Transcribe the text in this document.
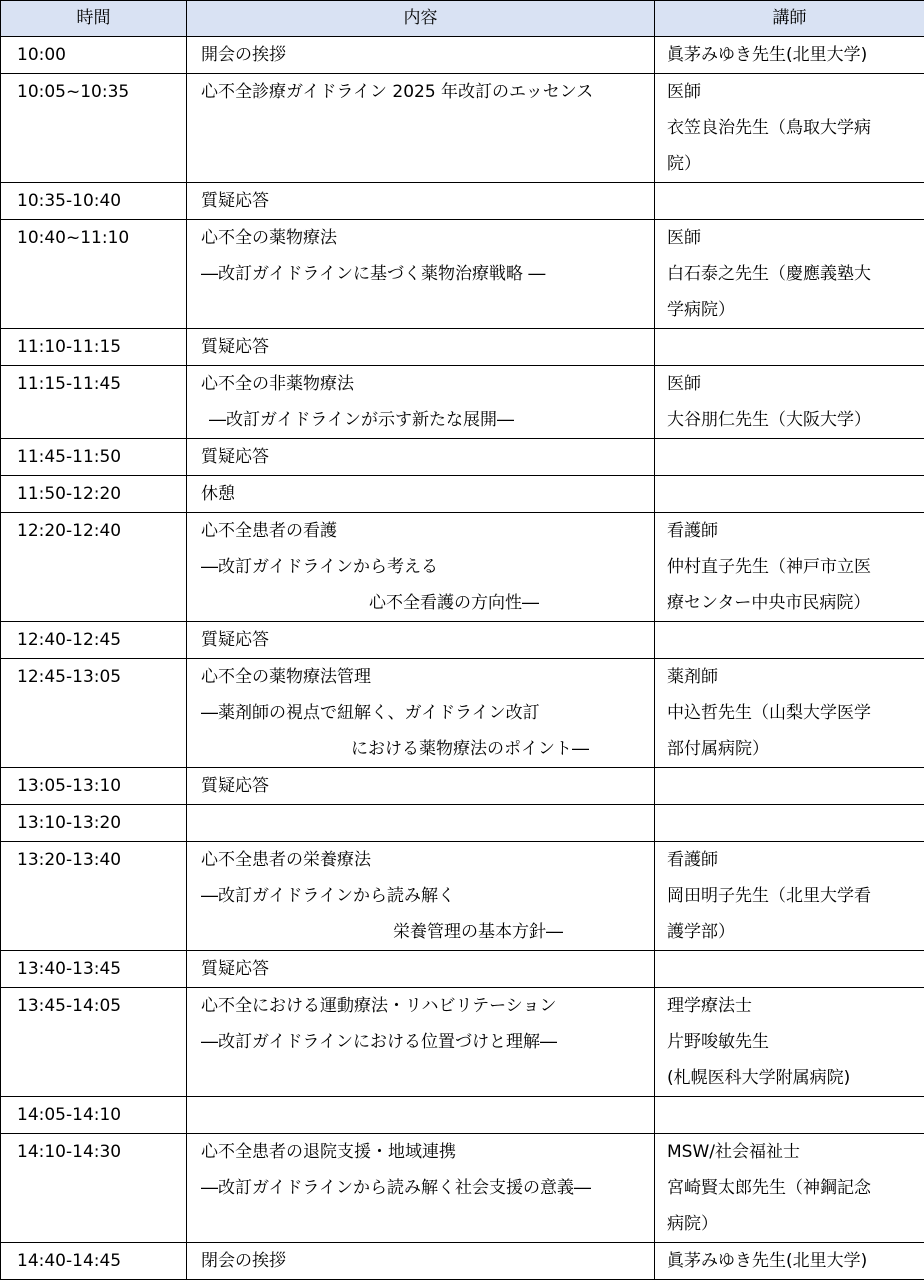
時間	内容	講師
10:00	開会の挨拶	眞茅みゆき先生(北里大学)

10:05~10:35	心不全診療ガイドライン 2025 年改訂のエッセンス	医師
衣笠良治先生（鳥取大学病
院）

10:35-10:40	質疑応答	

10:40~11:10	心不全の薬物療法
―改訂ガイドラインに基づく薬物治療戦略 ―	医師
白石泰之先生（慶應義塾大
学病院）

11:10-11:15	質疑応答	

11:15-11:45	心不全の非薬物療法
―改訂ガイドラインが示す新たな展開―	医師
大谷朋仁先生（大阪大学）

11:45-11:50	質疑応答	

11:50-12:20	休憩	

12:20-12:40	心不全患者の看護
―改訂ガイドラインから考える
心不全看護の方向性―	看護師
仲村直子先生（神戸市立医
療センター中央市民病院）

12:40-12:45	質疑応答	

12:45-13:05	心不全の薬物療法管理
―薬剤師の視点で紐解く、ガイドライン改訂
における薬物療法のポイント―	薬剤師
中込哲先生（山梨大学医学
部付属病院）

13:05-13:10	質疑応答	

13:10-13:20		
13:20-13:40	心不全患者の栄養療法
―改訂ガイドラインから読み解く
栄養管理の基本方針―	看護師
岡田明子先生（北里大学看
護学部）

13:40-13:45	質疑応答	

13:45-14:05	心不全における運動療法・リハビリテーション
―改訂ガイドラインにおける位置づけと理解―	理学療法士
片野唆敏先生
(札幌医科大学附属病院)

14:05-14:10		
14:10-14:30	心不全患者の退院支援・地域連携
―改訂ガイドラインから読み解く社会支援の意義―	MSW/社会福祉士
宮崎賢太郎先生（神鋼記念
病院）

14:40-14:45	閉会の挨拶	眞茅みゆき先生(北里大学)
